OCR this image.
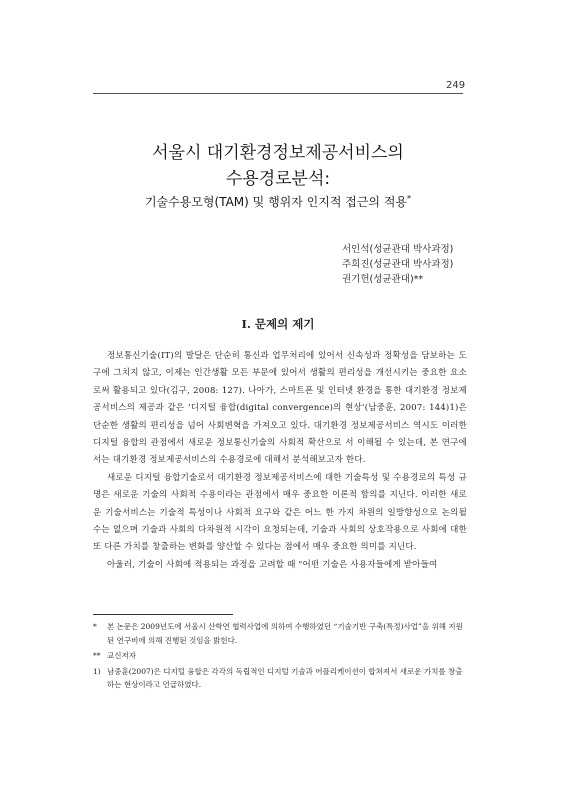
249
서울시 대기환경정보제공서비스의
수용경로분석:
기술수용모형(TAM) 및 행위자 인지적 접근의 적용*
서인석(성균관대 박사과정)
주희진(성균관대 박사과정)
권기헌(성균관대)**
I. 문제의 제기

정보통신기술(IT)의 발달은 단순히 통신과 업무처리에 있어서 신속성과 정확성을 담보하는 도구에 그치지 않고, 이제는 인간생활 모든 부문에 있어서 생활의 편리성을 개선시키는 중요한 요소로써 활용되고 있다(김구, 2008: 127). 나아가, 스마트폰 및 인터넷 환경을 통한 대기환경 정보제공서비스의 제공과 같은 ‘디지털 융합(digital convergence)의 현상’(남중훈, 2007: 144)1)은 단순한 생활의 편리성을 넘어 사회변혁을 가져오고 있다. 대기환경 정보제공서비스 역시도 이러한 디지털 융합의 관점에서 새로운 정보통신기술의 사회적 확산으로 서 이해될 수 있는데, 본 연구에서는 대기환경 정보제공서비스의 수용경로에 대해서 분석해보고자 한다.

새로운 디지털 융합기술로서 대기환경 정보제공서비스에 대한 기술특성 및 수용경로의 특성 규명은 새로운 기술의 사회적 수용이라는 관점에서 매우 중요한 이론적 함의를 지닌다. 이러한 새로운 기술서비스는 기술적 특성이나 사회적 요구와 같은 어느 한 가지 차원의 일방향성으로 논의될 수는 없으며 기술과 사회의 다차원적 시각이 요청되는데, 기술과 사회의 상호작용으로 사회에 대한 또 다른 가치를 창출하는 변화를 양산할 수 있다는 점에서 매우 중요한 의미를 지닌다.

아울러, 기술이 사회에 적용되는 과정을 고려할 때 "어떤 기술은 사용자들에게 받아들여

*	본 논문은 2009년도에 서울시 산학연 협력사업에 의하여 수행하였던 “기술기반 구축(특정)사업”을 위해 지원된 연구비에 의해 진행된 것임을 밝힌다.
** 교신저자
1) 남중훈(2007)은 디지털 융합은 각각의 독립적인 디지털 기술과 어플리케이션이 합쳐져서 새로운 가치를 창출하는 현상이라고 언급하였다.
